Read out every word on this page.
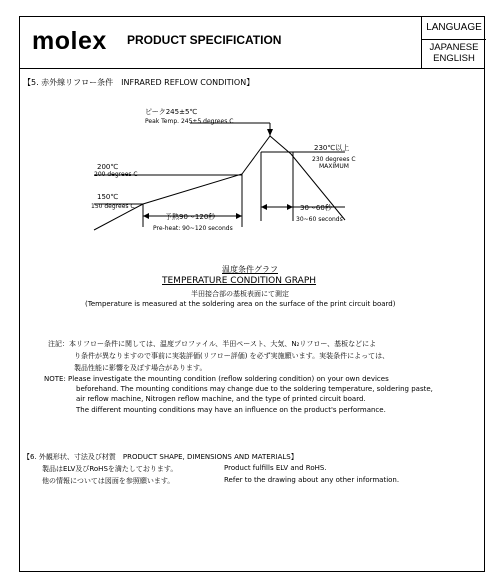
molex PRODUCT SPECIFICATION
LANGUAGE
JAPANESE
ENGLISH
【5. 赤外線リフロー条件　INFRARED REFLOW CONDITION】
ピーク245±5℃
Peak Temp. 245±5 degrees C
230℃以上
230 degrees C
MAXIMUM
200℃
200 degrees C
150℃
150 degrees C
予熱90～120秒
Pre-heat: 90~120 seconds
30～60秒
30~60 seconds
温度条件グラフ
TEMPERATURE CONDITION GRAPH
半田接合部の基板表面にて測定
(Temperature is measured at the soldering area on the surface of the print circuit board)
注記：本リフロー条件に関しては、温度プロファイル、半田ペースト、大気、N₂リフロー、基板などによ
り条件が異なりますので事前に実装評価(リフロー評価) を必ず実施願います。実装条件によっては、
製品性能に影響を及ぼす場合があります。
NOTE: Please investigate the mounting condition (reflow soldering condition) on your own devices
beforehand. The mounting conditions may change due to the soldering temperature, soldering paste,
air reflow machine, Nitrogen reflow machine, and the type of printed circuit board.
The different mounting conditions may have an influence on the product's performance.
【6. 外観形状、寸法及び材質　PRODUCT SHAPE, DIMENSIONS AND MATERIALS】
製品はELV及びRoHSを満たしております。	Product fulfills ELV and RoHS.
他の情報については図面を参照願います。	Refer to the drawing about any other information.
